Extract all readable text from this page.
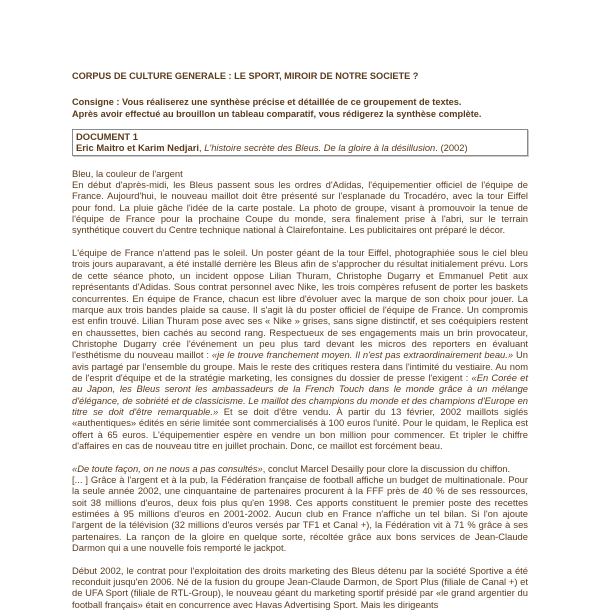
CORPUS DE CULTURE GENERALE : LE SPORT, MIROIR DE NOTRE SOCIETE ?
Consigne : Vous réaliserez une synthèse précise et détaillée de ce groupement de textes.
Après avoir effectué au brouillon un tableau comparatif, vous rédigerez la synthèse complète.
DOCUMENT 1
Eric Maitro et Karim Nedjari, L'histoire secrète des Bleus. De la gloire à la désillusion. (2002)
Bleu, la couleur de l'argent

En début d'après-midi, les Bleus passent sous les ordres d'Adidas, l'équipementier officiel de l'équipe de France. Aujourd'hui, le nouveau maillot doit être présenté sur l'esplanade du Trocadéro, avec la tour Eiffel pour fond. La pluie gâche l'idée de la carte postale. La photo de groupe, visant à promouvoir la tenue de l'équipe de France pour la prochaine Coupe du monde, sera finalement prise à l'abri, sur le terrain synthétique couvert du Centre technique national à Clairefontaine. Les publicitaires ont préparé le décor.

L'équipe de France n'attend pas le soleil. Un poster géant de la tour Eiffel, photographiée sous le ciel bleu trois jours auparavant, a été installé derrière les Bleus afin de s'approcher du résultat initialement prévu. Lors de cette séance photo, un incident oppose Lilian Thuram, Christophe Dugarry et Emmanuel Petit aux représentants d'Adidas. Sous contrat personnel avec Nike, les trois compères refusent de porter les baskets concurrentes. En équipe de France, chacun est libre d'évoluer avec la marque de son choix pour jouer. La marque aux trois bandes plaide sa cause. Il s'agit là du poster officiel de l'équipe de France. Un compromis est enfin trouvé. Lilian Thuram pose avec ses « Nike » grises, sans signe distinctif, et ses coéquipiers restent en chaussettes, bien cachés au second rang. Respectueux de ses engagements mais un brin provocateur, Christophe Dugarry crée l'événement un peu plus tard devant les micros des reporters en évaluant l'esthétisme du nouveau maillot : «je le trouve franchement moyen. Il n'est pas extraordinairement beau.» Un avis partagé par l'ensemble du groupe. Mais le reste des critiques restera dans l'intimité du vestiaire. Au nom de l'esprit d'équipe et de la stratégie marketing, les consignes du dossier de presse l'exigent : «En Corée et au Japon, les Bleus seront les ambassadeurs de la French Touch dans le monde grâce à un mélange d'élégance, de sobriété et de classicisme. Le maillot des champions du monde et des champions d'Europe en titre se doit d'être remarquable.» Et se doit d'être vendu. À partir du 13 février, 2002 maillots siglés «authentiques» édités en série limitée sont commercialisés à 100 euros l'unité. Pour le quidam, le Replica est offert à 65 euros. L'équipementier espère en vendre un bon million pour commencer. Et tripler le chiffre d'affaires en cas de nouveau titre en juillet prochain. Donc, ce maillot est forcément beau.

«De toute façon, on ne nous a pas consultés», conclut Marcel Desailly pour clore la discussion du chiffon.
[... ] Grâce à l'argent et à la pub, la Fédération française de football affiche un budget de multinationale. Pour la seule année 2002, une cinquantaine de partenaires procurent à la FFF près de 40 % de ses ressources, soit 38 millions d'euros, deux fois plus qu'en 1998. Ces apports constituent le premier poste des recettes estimées à 95 millions d'euros en 2001-2002. Aucun club en France n'affiche un tel bilan. Si l'on ajoute l'argent de la télévision (32 millions d'euros versés par TF1 et Canal +), la Fédération vit à 71 % grâce à ses partenaires. La rançon de la gloire en quelque sorte, récoltée grâce aux bons services de Jean-Claude Darmon qui a une nouvelle fois remporté le jackpot.

Début 2002, le contrat pour l'exploitation des droits marketing des Bleus détenu par la société Sportive a été reconduit jusqu'en 2006. Né de la fusion du groupe Jean-Claude Darmon, de Sport Plus (filiale de Canal +) et de UFA Sport (filiale de RTL-Group), le nouveau géant du marketing sportif présidé par «le grand argentier du football français» était en concurrence avec Havas Advertising Sport. Mais les dirigeants
